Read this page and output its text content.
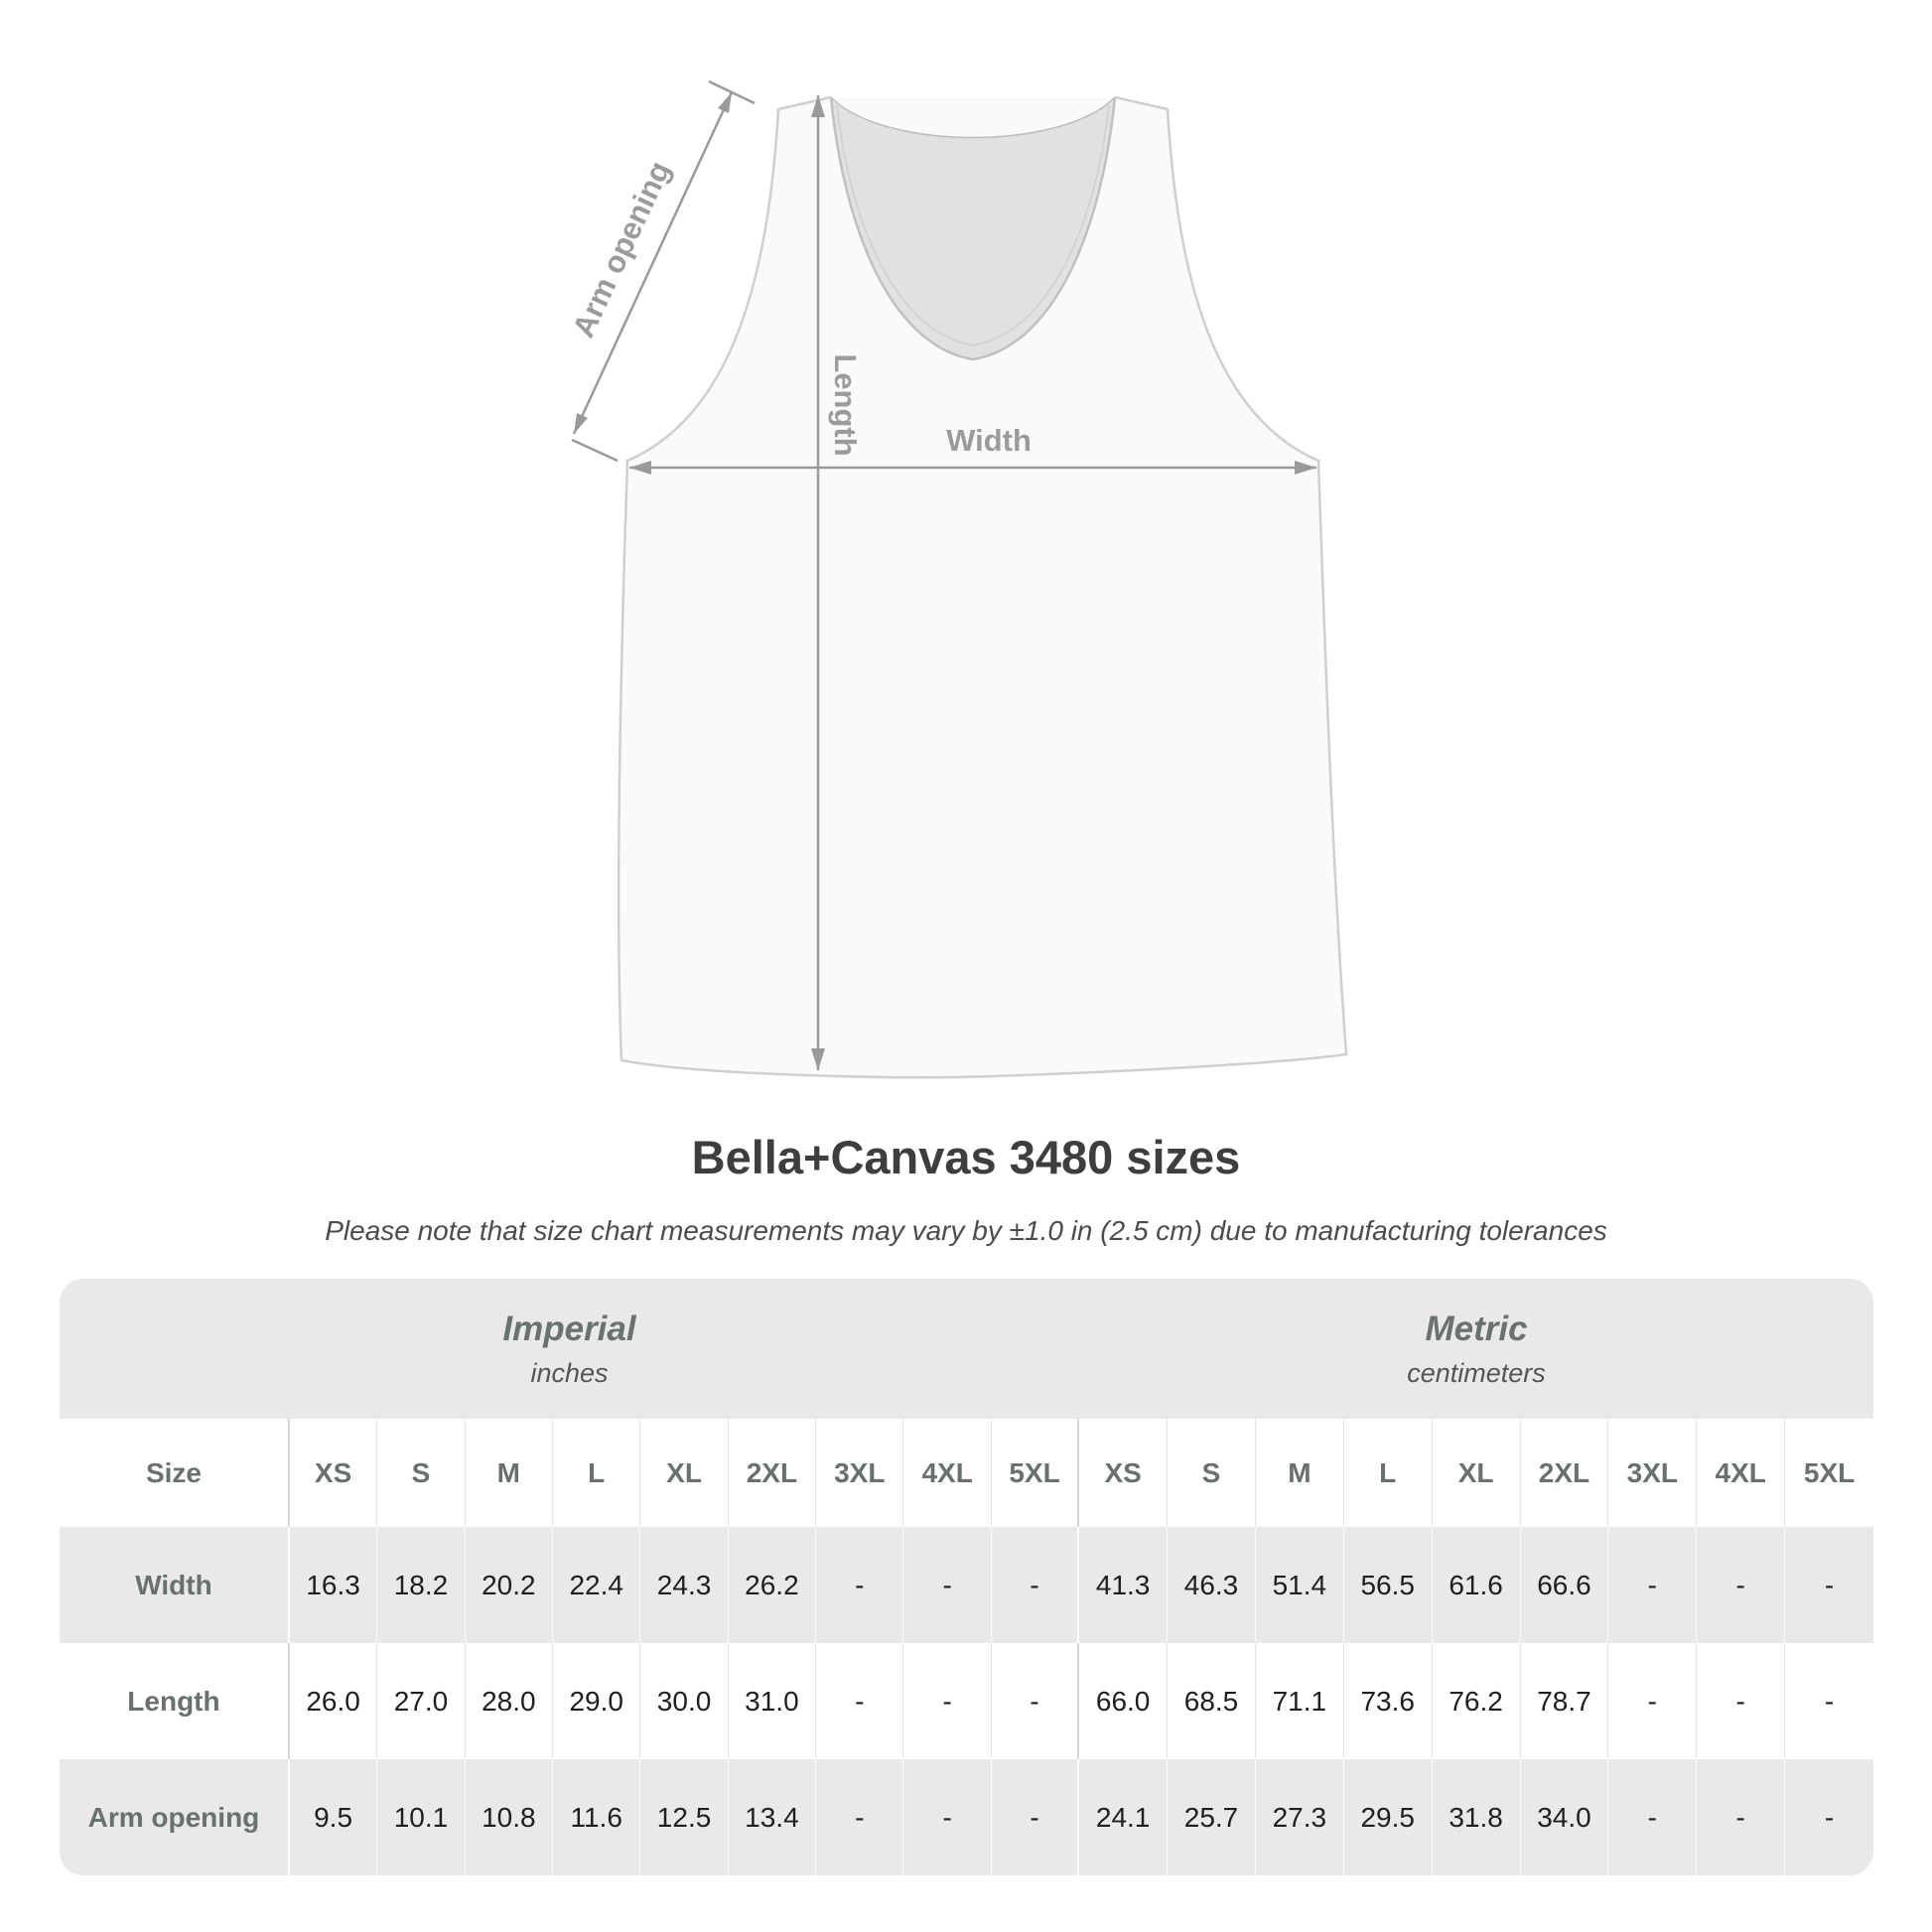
Arm opening
Length	Width
Bella+Canvas 3480 sizes

Please note that size chart measurements may vary by ±1.0 in (2.5 cm) due to manufacturing tolerances

Imperial
inches
Metric
centimeters
Size	XS	S	M	L	XL	2XL	3XL	4XL	5XL	XS	S	M	L	XL	2XL	3XL	4XL	5XL
Width	16.3	18.2	20.2	22.4	24.3	26.2	-	-	-	41.3	46.3	51.4	56.5	61.6	66.6	-	-	-
Length	26.0	27.0	28.0	29.0	30.0	31.0	-	-	-	66.0	68.5	71.1	73.6	76.2	78.7	-	-	-
Arm opening	9.5	10.1	10.8	11.6	12.5	13.4	-	-	-	24.1	25.7	27.3	29.5	31.8	34.0	-	-	-
